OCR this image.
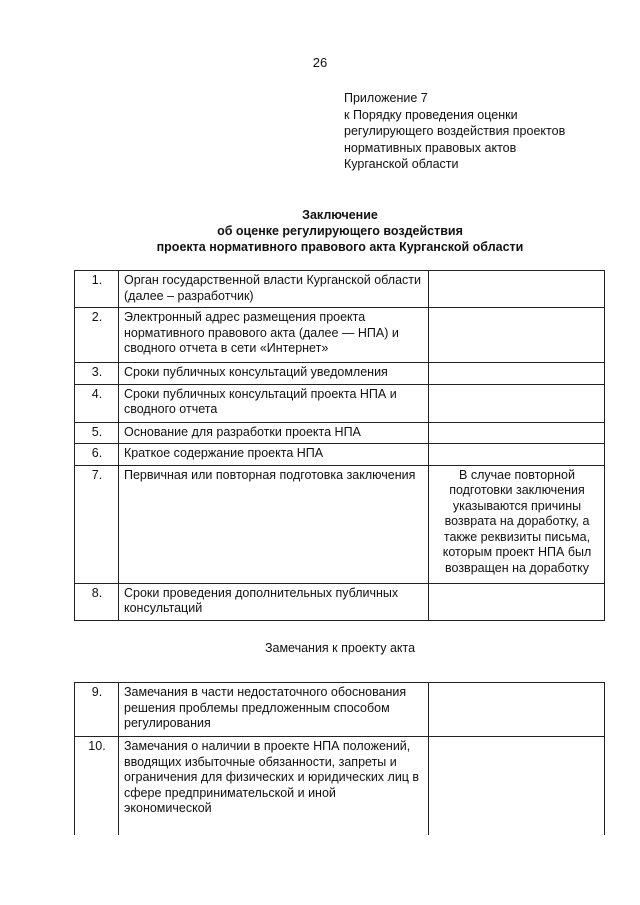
26
Приложение 7
к Порядку проведения оценки
регулирующего воздействия проектов
нормативных правовых актов
Курганской области
Заключение
об оценке регулирующего воздействия
проекта нормативного правового акта Курганской области
1.	Орган государственной власти Курганской области (далее – разработчик)	
2.	Электронный адрес размещения проекта нормативного правового акта (далее — НПА) и сводного отчета в сети «Интернет»	
3.	Сроки публичных консультаций уведомления	
4.	Сроки публичных консультаций проекта НПА и сводного отчета	
5.	Основание для разработки проекта НПА	
6.	Краткое содержание проекта НПА	
7.	Первичная или повторная подготовка заключения	В случае повторной подготовки заключения указываются причины возврата на доработку, а также реквизиты письма, которым проект НПА был возвращен на доработку
8.	Сроки проведения дополнительных публичных консультаций	
Замечания к проекту акта
9.	Замечания в части недостаточного обоснования решения проблемы предложенным способом регулирования	
10.	Замечания о наличии в проекте НПА положений, вводящих избыточные обязанности, запреты и ограничения для физических и юридических лиц в сфере предпринимательской и иной экономической	
